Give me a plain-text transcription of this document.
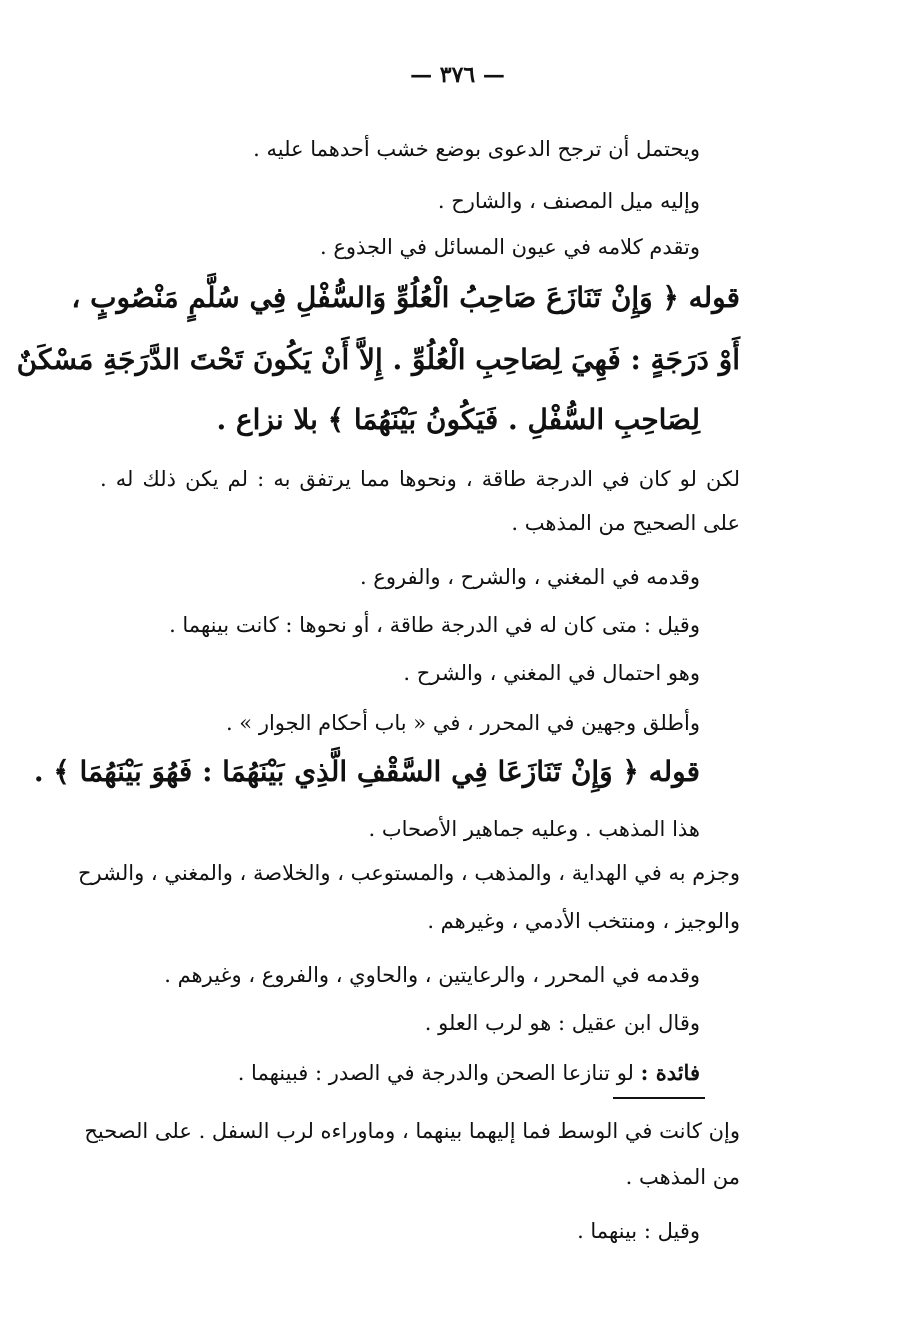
— ٣٧٦ —
ويحتمل أن ترجح الدعوى بوضع خشب أحدهما عليه .
وإليه ميل المصنف ، والشارح .
وتقدم كلامه في عيون المسائل في الجذوع .
قوله ﴿ وَإِنْ تَنَازَعَ صَاحِبُ الْعُلُوِّ وَالسُّفْلِ فِي سُلَّمٍ مَنْصُوبٍ ،
أَوْ دَرَجَةٍ : فَهِيَ لِصَاحِبِ الْعُلُوِّ . إِلاَّ أَنْ يَكُونَ تَحْتَ الدَّرَجَةِ مَسْكَنٌ
لِصَاحِبِ السُّفْلِ . فَيَكُونُ بَيْنَهُمَا ﴾ بلا نزاع .
لكن لو كان في الدرجة طاقة ، ونحوها مما يرتفق به : لم يكن ذلك له .
على الصحيح من المذهب .
وقدمه في المغني ، والشرح ، والفروع .
وقيل : متى كان له في الدرجة طاقة ، أو نحوها : كانت بينهما .
وهو احتمال في المغني ، والشرح .
وأطلق وجهين في المحرر ، في « باب أحكام الجوار » .
قوله ﴿ وَإِنْ تَنَازَعَا فِي السَّقْفِ الَّذِي بَيْنَهُمَا : فَهُوَ بَيْنَهُمَا ﴾ .
هذا المذهب . وعليه جماهير الأصحاب .
وجزم به في الهداية ، والمذهب ، والمستوعب ، والخلاصة ، والمغني ، والشرح
والوجيز ، ومنتخب الأدمي ، وغيرهم .
وقدمه في المحرر ، والرعايتين ، والحاوي ، والفروع ، وغيرهم .
وقال ابن عقيل : هو لرب العلو .
فائدة : لو تنازعا الصحن والدرجة في الصدر : فبينهما .
وإن كانت في الوسط فما إليهما بينهما ، وماوراءه لرب السفل . على الصحيح
من المذهب .
وقيل : بينهما .
